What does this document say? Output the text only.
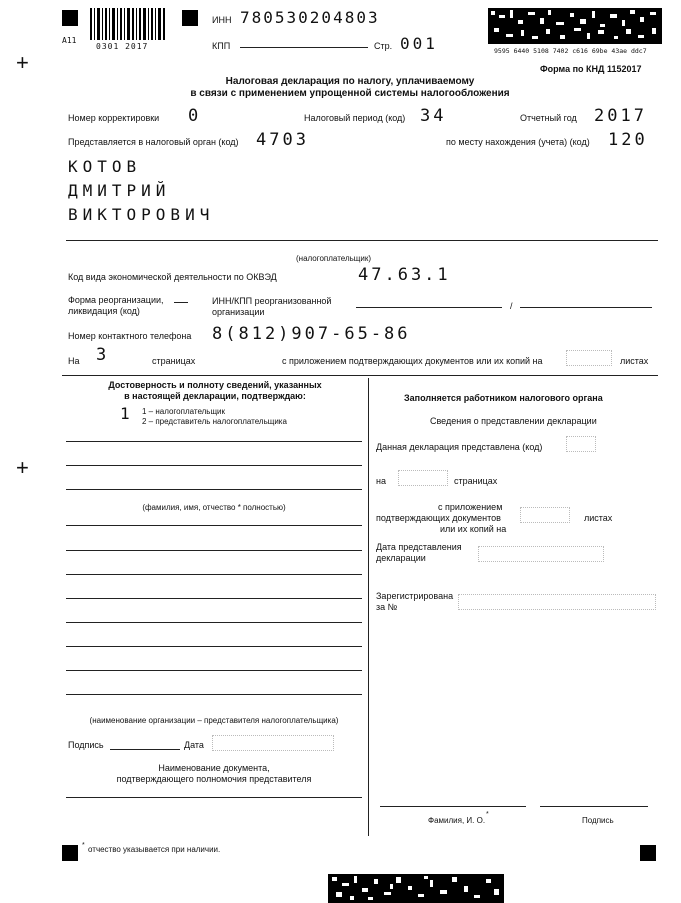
+
+
A11
0301 2017
ИНН 780530204803
КПП	Стр. 001	9595 6440 5108 7402 c616 69be 43ae ddc7
Форма по КНД 1152017
Налоговая декларация по налогу, уплачиваемому
в связи с применением упрощенной системы налогообложения
Номер корректировки 0	Налоговый период (код) 34	Отчетный год 2017
Представляется в налоговый орган (код) 4703	по месту нахождения (учета) (код) 120
КОТОВ
ДМИТРИЙ
ВИКТОРОВИЧ
(налогоплательщик)
Код вида экономической деятельности по ОКВЭД	47.63.1
Форма реорганизации,
ликвидация (код)
ИНН/КПП реорганизованной
организации
/
Номер контактного телефона 8(812)907-65-86
На 3	страницах	с приложением подтверждающих документов или их копий на	листах
Достоверность и полноту сведений, указанных
в настоящей декларации, подтверждаю:
1 1 – налогоплательщик
2 – представитель налогоплательщика
(фамилия, имя, отчество * полностью)
(наименование организации – представителя налогоплательщика)
Подпись	Дата
Наименование документа,
подтверждающего полномочия представителя
Заполняется работником налогового органа
Сведения о представлении декларации
Данная декларация представлена (код)
на	страницах
с приложением
подтверждающих документов
или их копий на
листах
Дата представления
декларации
Зарегистрирована
за №
Фамилия, И. О.
*
Подпись
* отчество указывается при наличии.
